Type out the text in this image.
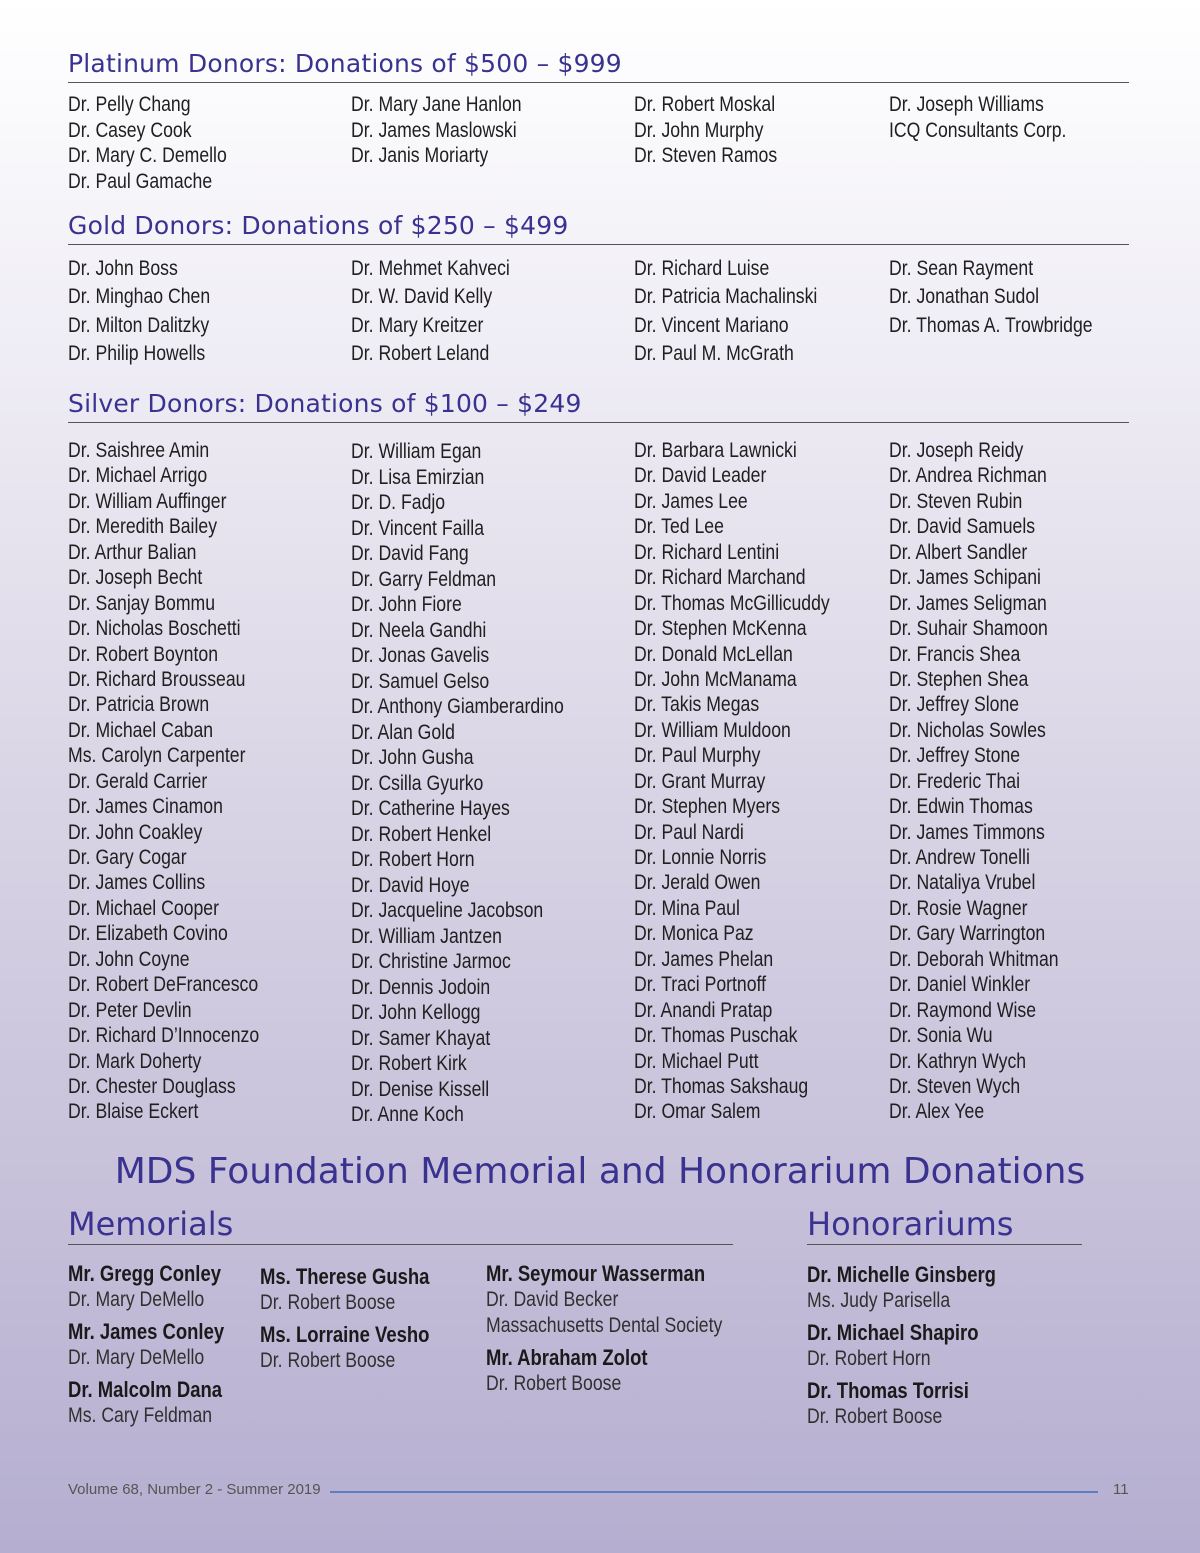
Platinum Donors: Donations of $500 – $999
Dr. Pelly Chang
Dr. Casey Cook
Dr. Mary C. Demello
Dr. Paul Gamache
Dr. Mary Jane Hanlon
Dr. James Maslowski
Dr. Janis Moriarty
Dr. Robert Moskal
Dr. John Murphy
Dr. Steven Ramos
Dr. Joseph Williams
ICQ Consultants Corp.
Gold Donors: Donations of $250 – $499
Dr. John Boss
Dr. Minghao Chen
Dr. Milton Dalitzky
Dr. Philip Howells
Dr. Mehmet Kahveci
Dr. W. David Kelly
Dr. Mary Kreitzer
Dr. Robert Leland
Dr. Richard Luise
Dr. Patricia Machalinski
Dr. Vincent Mariano
Dr. Paul M. McGrath
Dr. Sean Rayment
Dr. Jonathan Sudol
Dr. Thomas A. Trowbridge
Silver Donors: Donations of $100 – $249
Dr. Saishree Amin
Dr. Michael Arrigo
Dr. William Auffinger
Dr. Meredith Bailey
Dr. Arthur Balian
Dr. Joseph Becht
Dr. Sanjay Bommu
Dr. Nicholas Boschetti
Dr. Robert Boynton
Dr. Richard Brousseau
Dr. Patricia Brown
Dr. Michael Caban
Ms. Carolyn Carpenter
Dr. Gerald Carrier
Dr. James Cinamon
Dr. John Coakley
Dr. Gary Cogar
Dr. James Collins
Dr. Michael Cooper
Dr. Elizabeth Covino
Dr. John Coyne
Dr. Robert DeFrancesco
Dr. Peter Devlin
Dr. Richard D’Innocenzo
Dr. Mark Doherty
Dr. Chester Douglass
Dr. Blaise Eckert
Dr. William Egan
Dr. Lisa Emirzian
Dr. D. Fadjo
Dr. Vincent Failla
Dr. David Fang
Dr. Garry Feldman
Dr. John Fiore
Dr. Neela Gandhi
Dr. Jonas Gavelis
Dr. Samuel Gelso
Dr. Anthony Giamberardino
Dr. Alan Gold
Dr. John Gusha
Dr. Csilla Gyurko
Dr. Catherine Hayes
Dr. Robert Henkel
Dr. Robert Horn
Dr. David Hoye
Dr. Jacqueline Jacobson
Dr. William Jantzen
Dr. Christine Jarmoc
Dr. Dennis Jodoin
Dr. John Kellogg
Dr. Samer Khayat
Dr. Robert Kirk
Dr. Denise Kissell
Dr. Anne Koch
Dr. Barbara Lawnicki
Dr. David Leader
Dr. James Lee
Dr. Ted Lee
Dr. Richard Lentini
Dr. Richard Marchand
Dr. Thomas McGillicuddy
Dr. Stephen McKenna
Dr. Donald McLellan
Dr. John McManama
Dr. Takis Megas
Dr. William Muldoon
Dr. Paul Murphy
Dr. Grant Murray
Dr. Stephen Myers
Dr. Paul Nardi
Dr. Lonnie Norris
Dr. Jerald Owen
Dr. Mina Paul
Dr. Monica Paz
Dr. James Phelan
Dr. Traci Portnoff
Dr. Anandi Pratap
Dr. Thomas Puschak
Dr. Michael Putt
Dr. Thomas Sakshaug
Dr. Omar Salem
Dr. Joseph Reidy
Dr. Andrea Richman
Dr. Steven Rubin
Dr. David Samuels
Dr. Albert Sandler
Dr. James Schipani
Dr. James Seligman
Dr. Suhair Shamoon
Dr. Francis Shea
Dr. Stephen Shea
Dr. Jeffrey Slone
Dr. Nicholas Sowles
Dr. Jeffrey Stone
Dr. Frederic Thai
Dr. Edwin Thomas
Dr. James Timmons
Dr. Andrew Tonelli
Dr. Nataliya Vrubel
Dr. Rosie Wagner
Dr. Gary Warrington
Dr. Deborah Whitman
Dr. Daniel Winkler
Dr. Raymond Wise
Dr. Sonia Wu
Dr. Kathryn Wych
Dr. Steven Wych
Dr. Alex Yee
MDS Foundation Memorial and Honorarium Donations
Memorials
Mr. Gregg Conley
Dr. Mary DeMello
Mr. James Conley
Dr. Mary DeMello
Dr. Malcolm Dana
Ms. Cary Feldman
Ms. Therese Gusha
Dr. Robert Boose
Ms. Lorraine Vesho
Dr. Robert Boose
Mr. Seymour Wasserman
Dr. David Becker
Massachusetts Dental Society
Mr. Abraham Zolot
Dr. Robert Boose
Honorariums
Dr. Michelle Ginsberg
Ms. Judy Parisella
Dr. Michael Shapiro
Dr. Robert Horn
Dr. Thomas Torrisi
Dr. Robert Boose
Volume 68, Number 2 - Summer 2019	11
